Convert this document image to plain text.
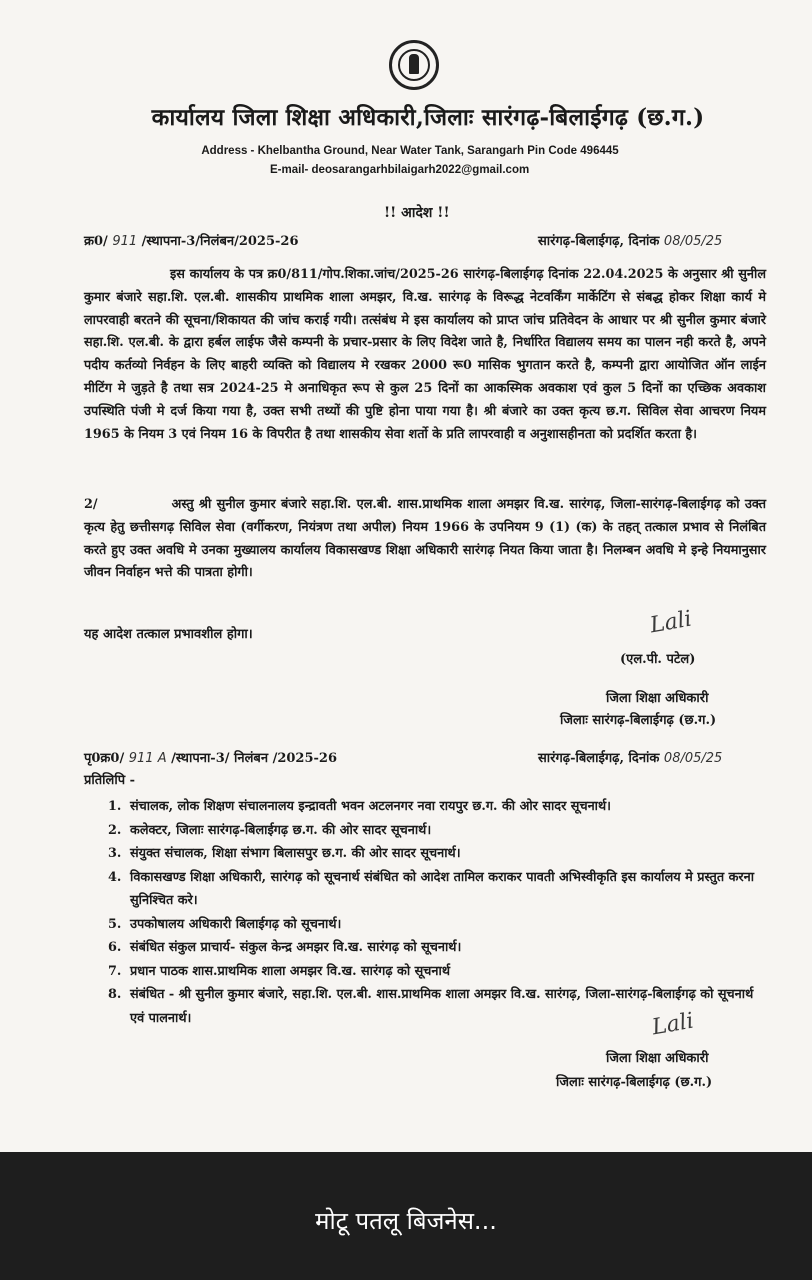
कार्यालय जिला शिक्षा अधिकारी,जिलाः सारंगढ़-बिलाईगढ़ (छ.ग.)
Address - Khelbantha Ground, Near Water Tank, Sarangarh Pin Code 496445
E-mail- deosarangarhbilaigarh2022@gmail.com
!! आदेश !!
क्र0/ 911 /स्थापना-3/निलंबन/2025-26	सारंगढ़-बिलाईगढ़, दिनांक 08/05/25

इस कार्यालय के पत्र क्र0/811/गोप.शिका.जांच/2025-26 सारंगढ़-बिलाईगढ़ दिनांक 22.04.2025 के अनुसार श्री सुनील कुमार बंजारे सहा.शि. एल.बी. शासकीय प्राथमिक शाला अमझर, वि.ख. सारंगढ़ के विरूद्ध नेटवर्किंग मार्केटिंग से संबद्ध होकर शिक्षा कार्य मे लापरवाही बरतने की सूचना/शिकायत की जांच कराई गयी। तत्संबंध मे इस कार्यालय को प्राप्त जांच प्रतिवेदन के आधार पर श्री सुनील कुमार बंजारे सहा.शि. एल.बी. के द्वारा हर्बल लाईफ जैसे कम्पनी के प्रचार-प्रसार के लिए विदेश जाते है, निर्धारित विद्यालय समय का पालन नही करते है, अपने पदीय कर्तव्यो निर्वहन के लिए बाहरी व्यक्ति को विद्यालय मे रखकर 2000 रू0 मासिक भुगतान करते है, कम्पनी द्वारा आयोजित ऑन लाईन मीटिंग मे जुड़ते है तथा सत्र 2024-25 मे अनाधिकृत रूप से कुल 25 दिनों का आकस्मिक अवकाश एवं कुल 5 दिनों का एच्छिक अवकाश उपस्थिति पंजी मे दर्ज किया गया है, उक्त सभी तथ्यों की पुष्टि होना पाया गया है। श्री बंजारे का उक्त कृत्य छ.ग. सिविल सेवा आचरण नियम 1965 के नियम 3 एवं नियम 16 के विपरीत है तथा शासकीय सेवा शर्तो के प्रति लापरवाही व अनुशासहीनता को प्रदर्शित करता है।

2/	अस्तु श्री सुनील कुमार बंजारे सहा.शि. एल.बी. शास.प्राथमिक शाला अमझर वि.ख. सारंगढ़, जिला-सारंगढ़-बिलाईगढ़ को उक्त कृत्य हेतु छत्तीसगढ़ सिविल सेवा (वर्गीकरण, नियंत्रण तथा अपील) नियम 1966 के उपनियम 9 (1) (क) के तहत् तत्काल प्रभाव से निलंबित करते हुए उक्त अवधि मे उनका मुख्यालय कार्यालय विकासखण्ड शिक्षा अधिकारी सारंगढ़ नियत किया जाता है। निलम्बन अवधि मे इन्हे नियमानुसार जीवन निर्वाहन भत्ते की पात्रता होगी।

यह आदेश तत्काल प्रभावशील होगा।	Lali
(एल.पी. पटेल)
जिला शिक्षा अधिकारी
जिलाः सारंगढ़-बिलाईगढ़ (छ.ग.)
पृ0क्र0/ 911 A /स्थापना-3/ निलंबन /2025-26	सारंगढ़-बिलाईगढ़, दिनांक 08/05/25
प्रतिलिपि -
1. संचालक, लोक शिक्षण संचालनालय इन्द्रावती भवन अटलनगर नवा रायपुर छ.ग. की ओर सादर सूचनार्थ।
2. कलेक्टर, जिलाः सारंगढ़-बिलाईगढ़ छ.ग. की ओर सादर सूचनार्थ।
3. संयुक्त संचालक, शिक्षा संभाग बिलासपुर छ.ग. की ओर सादर सूचनार्थ।
4. विकासखण्ड शिक्षा अधिकारी, सारंगढ़ को सूचनार्थ संबंधित को आदेश तामिल कराकर पावती अभिस्वीकृति इस कार्यालय मे प्रस्तुत करना सुनिश्चित करे।
5. उपकोषालय अधिकारी बिलाईगढ़ को सूचनार्थ।
6. संबंधित संकुल प्राचार्य- संकुल केन्द्र अमझर वि.ख. सारंगढ़ को सूचनार्थ।
7. प्रधान पाठक शास.प्राथमिक शाला अमझर वि.ख. सारंगढ़ को सूचनार्थ
8. संबंधित - श्री सुनील कुमार बंजारे, सहा.शि. एल.बी. शास.प्राथमिक शाला अमझर वि.ख. सारंगढ़, जिला-सारंगढ़-बिलाईगढ़ को सूचनार्थ एवं पालनार्थ।	Lali
जिला शिक्षा अधिकारी
जिलाः सारंगढ़-बिलाईगढ़ (छ.ग.)
मोटू पतलू बिजनेस...
